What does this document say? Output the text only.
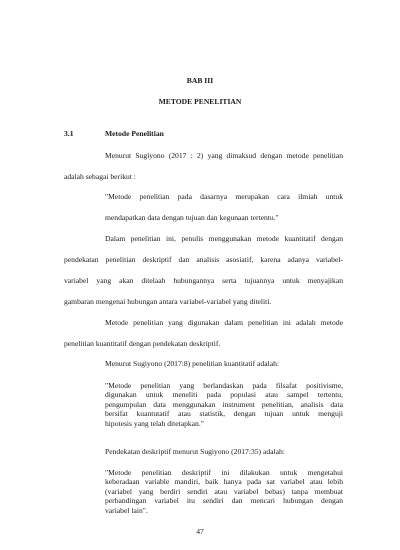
BAB III

METODE PENELITIAN

3.1	Metode Penelitian

Menurut Sugiyono (2017 : 2) yang dimaksud dengan metode penelitian

adalah sebagai berikut :

"Metode penelitian pada dasarnya merupakan cara ilmiah untuk

mendapatkan data dengan tujuan dan kegunaan tertentu."

Dalam penelitian ini, penulis menggunakan metode kuantitatif dengan

pendekatan penelitian deskriptif dan analisis asosiatif, karena adanya variabel-

variabel yang akan ditelaah hubungannya serta tujuannya untuk menyajikan

gambaran mengenai hubungan antara variabel-variabel yang diteliti.

Metode penelitian yang digunakan dalam penelitian ini adalah metode

penelitian kuantitatif dengan pendekatan deskriptif.

Menurut Sugiyono (2017:8) penelitian kuantitatif adalah:

"Metode penelitian yang berlandaskan pada filsafat positivisme,
digunakan untuk meneliti pada populasi atau sampel tertentu,
pengumpulan data menggunakan instrument penelitian, analisis data
bersifat kuantutatif atau statistik, dengan tujuan untuk menguji
hipotesis yang telah ditetapkan."

Pendekatan deskriptif menurut Sugiyono (2017:35) adalah:

"Metode penelitian deskriptif ini dilakukan untuk mengetahui
keberadaan variable mandiri, baik hanya pada sat variabel atau lebih
(variabel yang berdiri sendiri atau variabel bebas) tanpa membuat
perbandingan variabel itu sendiri dan mencari hubungan dengan
variabel lain".

47
